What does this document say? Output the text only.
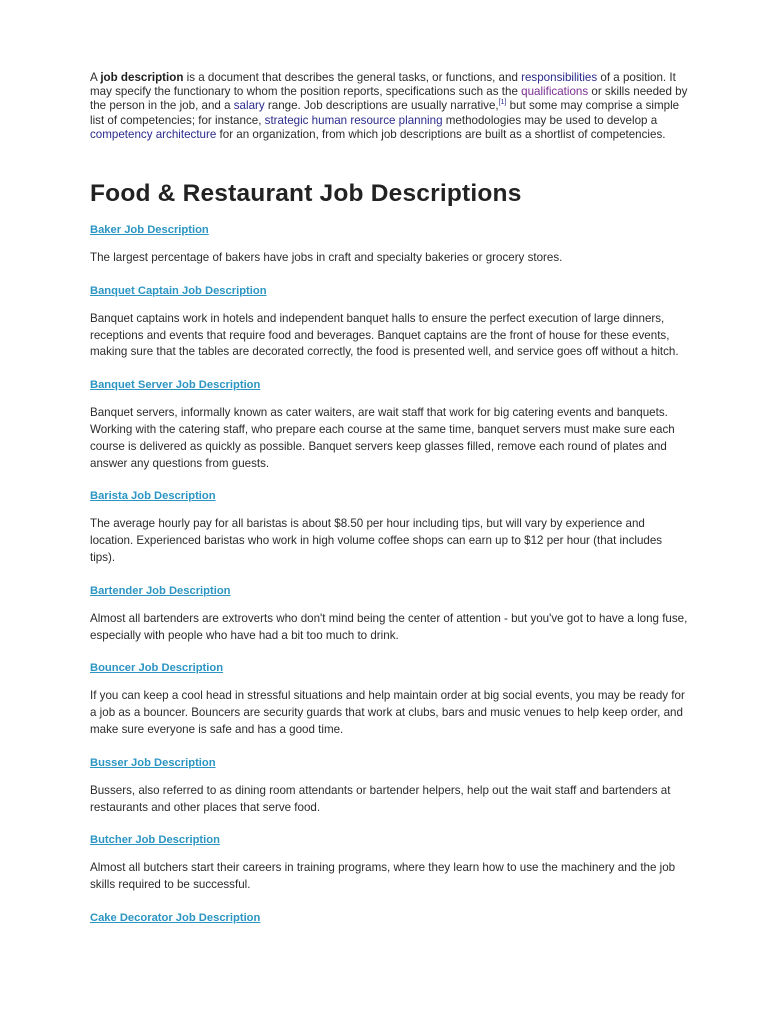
A job description is a document that describes the general tasks, or functions, and responsibilities of a position. It may specify the functionary to whom the position reports, specifications such as the qualifications or skills needed by the person in the job, and a salary range. Job descriptions are usually narrative,[1] but some may comprise a simple list of competencies; for instance, strategic human resource planning methodologies may be used to develop a competency architecture for an organization, from which job descriptions are built as a shortlist of competencies.

Food & Restaurant Job Descriptions
Baker Job Description

The largest percentage of bakers have jobs in craft and specialty bakeries or grocery stores.

Banquet Captain Job Description

Banquet captains work in hotels and independent banquet halls to ensure the perfect execution of large dinners, receptions and events that require food and beverages. Banquet captains are the front of house for these events, making sure that the tables are decorated correctly, the food is presented well, and service goes off without a hitch.

Banquet Server Job Description

Banquet servers, informally known as cater waiters, are wait staff that work for big catering events and banquets. Working with the catering staff, who prepare each course at the same time, banquet servers must make sure each course is delivered as quickly as possible. Banquet servers keep glasses filled, remove each round of plates and answer any questions from guests.

Barista Job Description

The average hourly pay for all baristas is about $8.50 per hour including tips, but will vary by experience and location. Experienced baristas who work in high volume coffee shops can earn up to $12 per hour (that includes tips).

Bartender Job Description

Almost all bartenders are extroverts who don't mind being the center of attention - but you've got to have a long fuse, especially with people who have had a bit too much to drink.

Bouncer Job Description

If you can keep a cool head in stressful situations and help maintain order at big social events, you may be ready for a job as a bouncer. Bouncers are security guards that work at clubs, bars and music venues to help keep order, and make sure everyone is safe and has a good time.

Busser Job Description

Bussers, also referred to as dining room attendants or bartender helpers, help out the wait staff and bartenders at restaurants and other places that serve food.

Butcher Job Description

Almost all butchers start their careers in training programs, where they learn how to use the machinery and the job skills required to be successful.

Cake Decorator Job Description
